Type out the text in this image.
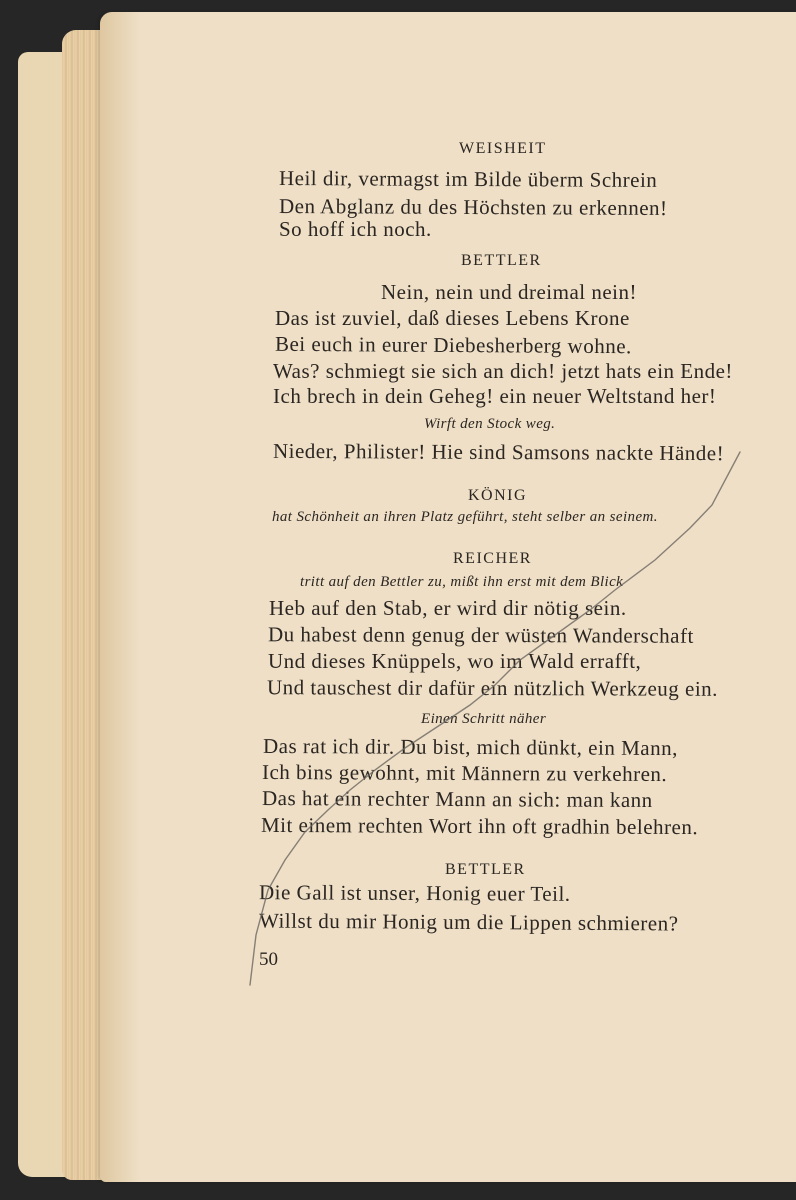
WEISHEIT
Heil dir, vermagst im Bilde überm Schrein
Den Abglanz du des Höchsten zu erkennen!
So hoff ich noch.
BETTLER
Nein, nein und dreimal nein!
Das ist zuviel, daß dieses Lebens Krone
Bei euch in eurer Diebesherberg wohne.
Was? schmiegt sie sich an dich! jetzt hats ein Ende!
Ich brech in dein Geheg! ein neuer Weltstand her!
Wirft den Stock weg.
Nieder, Philister! Hie sind Samsons nackte Hände!
KÖNIG
hat Schönheit an ihren Platz geführt, steht selber an seinem.
REICHER
tritt auf den Bettler zu, mißt ihn erst mit dem Blick
Heb auf den Stab, er wird dir nötig sein.
Du habest denn genug der wüsten Wanderschaft
Und dieses Knüppels, wo im Wald errafft,
Und tauschest dir dafür ein nützlich Werkzeug ein.
Einen Schritt näher
Das rat ich dir. Du bist, mich dünkt, ein Mann,
Ich bins gewohnt, mit Männern zu verkehren.
Das hat ein rechter Mann an sich: man kann
Mit einem rechten Wort ihn oft gradhin belehren.
BETTLER
Die Gall ist unser, Honig euer Teil.
Willst du mir Honig um die Lippen schmieren?
50
